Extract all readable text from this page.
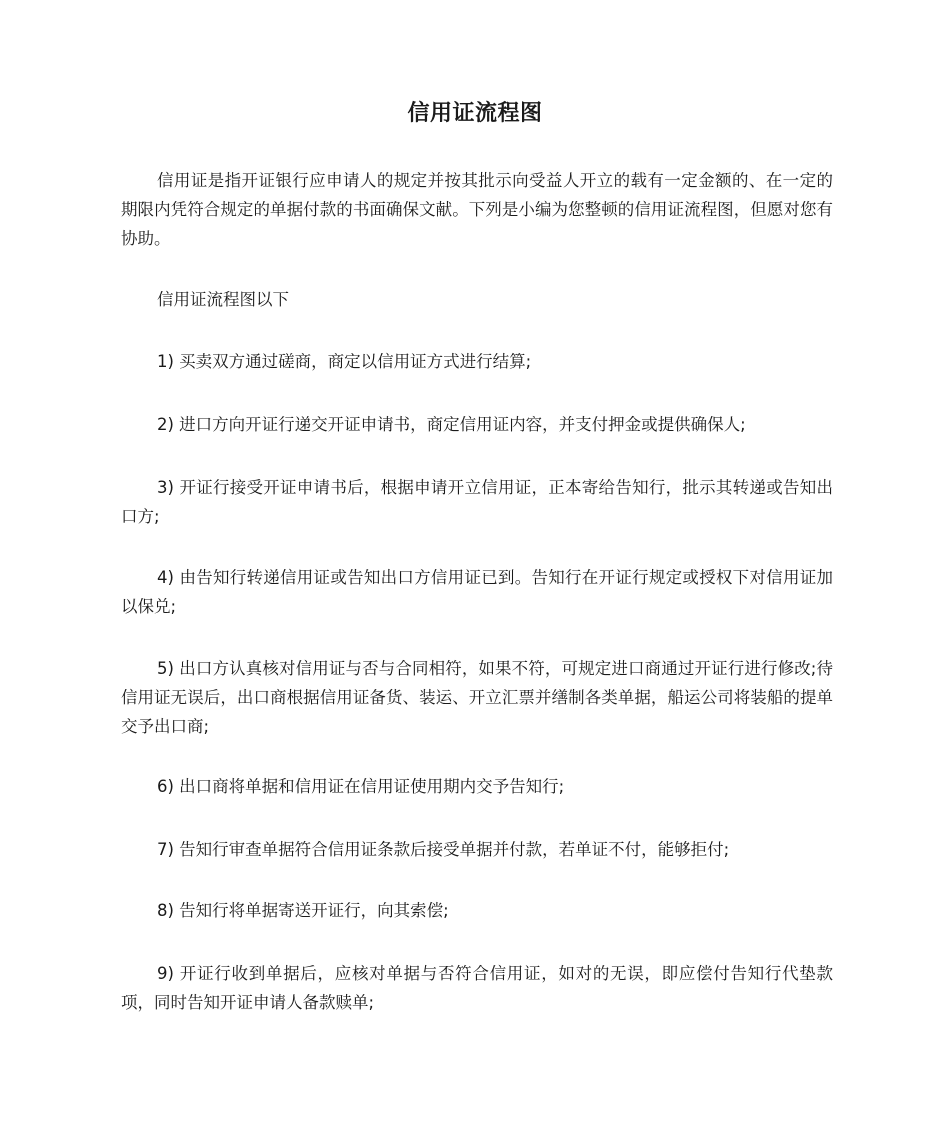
信用证流程图

信用证是指开证银行应申请人的规定并按其批示向受益人开立的载有一定金额的、在一定的期限内凭符合规定的单据付款的书面确保文献。下列是小编为您整顿的信用证流程图，但愿对您有协助。

信用证流程图以下

1) 买卖双方通过磋商，商定以信用证方式进行结算;

2) 进口方向开证行递交开证申请书，商定信用证内容，并支付押金或提供确保人;

3) 开证行接受开证申请书后，根据申请开立信用证，正本寄给告知行，批示其转递或告知出口方;

4) 由告知行转递信用证或告知出口方信用证已到。告知行在开证行规定或授权下对信用证加以保兑;

5) 出口方认真核对信用证与否与合同相符，如果不符，可规定进口商通过开证行进行修改;待信用证无误后，出口商根据信用证备货、装运、开立汇票并缮制各类单据，船运公司将装船的提单交予出口商;

6) 出口商将单据和信用证在信用证使用期内交予告知行;

7) 告知行审查单据符合信用证条款后接受单据并付款，若单证不付，能够拒付;

8) 告知行将单据寄送开证行，向其索偿;

9) 开证行收到单据后，应核对单据与否符合信用证，如对的无误，即应偿付告知行代垫款项，同时告知开证申请人备款赎单;
